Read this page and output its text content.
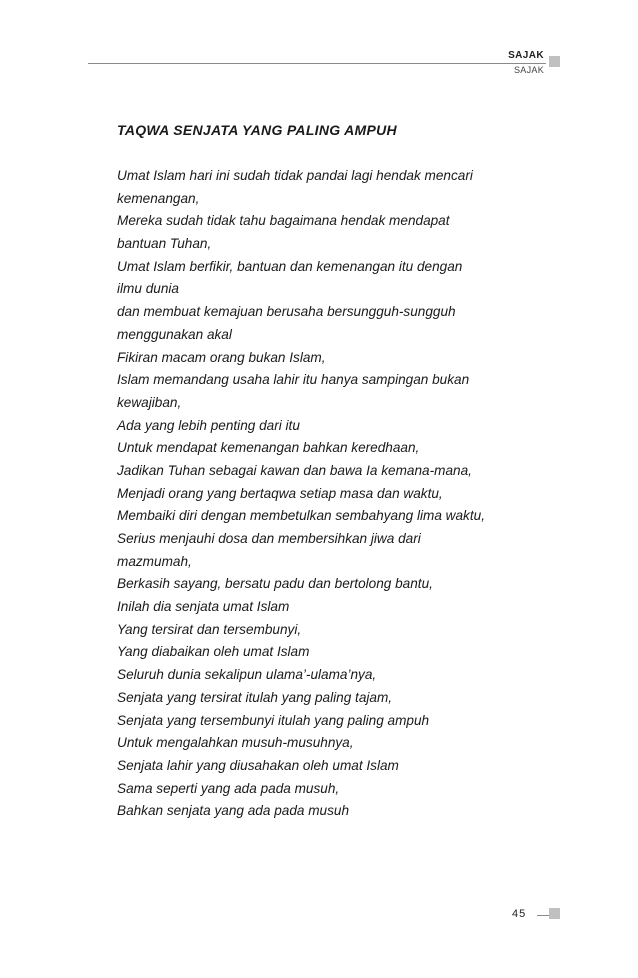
SAJAK
SAJAK
TAQWA SENJATA YANG PALING AMPUH
Umat Islam hari ini sudah tidak pandai lagi hendak mencari
kemenangan,
Mereka sudah tidak tahu bagaimana hendak mendapat
bantuan Tuhan,
Umat Islam berfikir, bantuan dan kemenangan itu dengan
ilmu dunia
dan membuat kemajuan berusaha bersungguh-sungguh
menggunakan akal
Fikiran macam orang bukan Islam,
Islam memandang usaha lahir itu hanya sampingan bukan
kewajiban,
Ada yang lebih penting dari itu
Untuk mendapat kemenangan bahkan keredhaan,
Jadikan Tuhan sebagai kawan dan bawa Ia kemana-mana,
Menjadi orang yang bertaqwa setiap masa dan waktu,
Membaiki diri dengan membetulkan sembahyang lima waktu,
Serius menjauhi dosa dan membersihkan jiwa dari
mazmumah,
Berkasih sayang, bersatu padu dan bertolong bantu,
Inilah dia senjata umat Islam
Yang tersirat dan tersembunyi,
Yang diabaikan oleh umat Islam
Seluruh dunia sekalipun ulama’-ulama’nya,
Senjata yang tersirat itulah yang paling tajam,
Senjata yang tersembunyi itulah yang paling ampuh
Untuk mengalahkan musuh-musuhnya,
Senjata lahir yang diusahakan oleh umat Islam
Sama seperti yang ada pada musuh,
Bahkan senjata yang ada pada musuh
45
